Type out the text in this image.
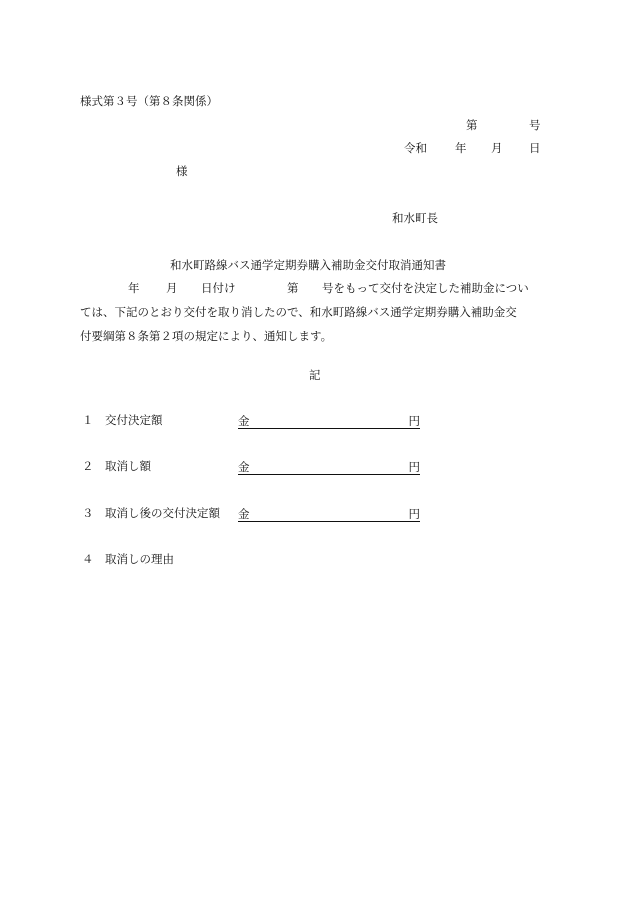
様式第３号（第８条関係）
第	号
令和 年 月 日
様
和水町長
和水町路線バス通学定期券購入補助金交付取消通知書
年 月 日付け	第 号をもって交付を決定した補助金につい
ては、下記のとおり交付を取り消したので、和水町路線バス通学定期券購入補助金交
付要綱第８条第２項の規定により、通知します。
記
１ 交付決定額	金	円
２ 取消し額	金	円
３ 取消し後の交付決定額 金	円
４ 取消しの理由
